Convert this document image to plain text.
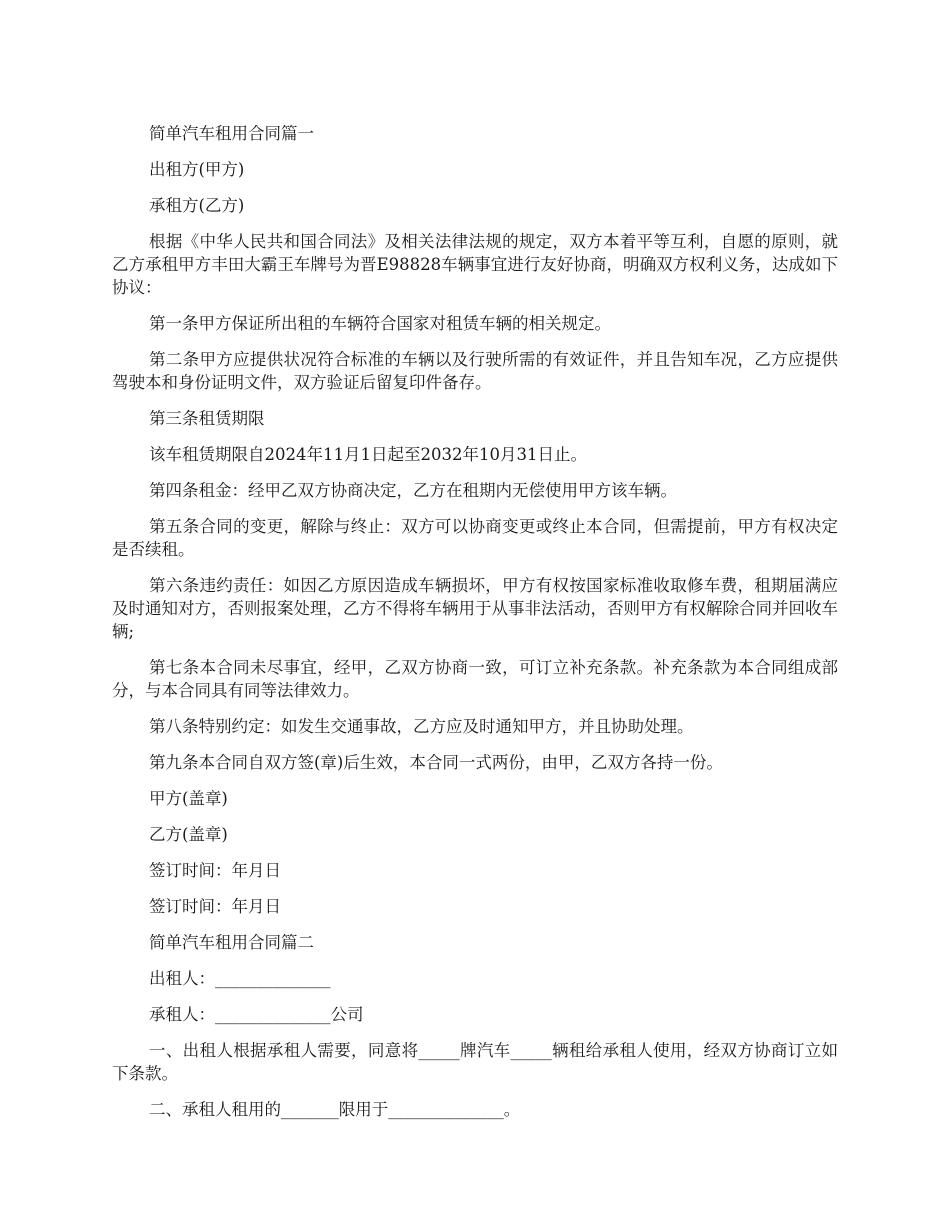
简单汽车租用合同篇一

出租方(甲方)

承租方(乙方)

根据《中华人民共和国合同法》及相关法律法规的规定，双方本着平等互利，自愿的原则，就乙方承租甲方丰田大霸王车牌号为晋E98828车辆事宜进行友好协商，明确双方权利义务，达成如下协议：

第一条甲方保证所出租的车辆符合国家对租赁车辆的相关规定。

第二条甲方应提供状况符合标准的车辆以及行驶所需的有效证件，并且告知车况，乙方应提供驾驶本和身份证明文件，双方验证后留复印件备存。

第三条租赁期限

该车租赁期限自2024年11月1日起至2032年10月31日止。

第四条租金：经甲乙双方协商决定，乙方在租期内无偿使用甲方该车辆。

第五条合同的变更，解除与终止：双方可以协商变更或终止本合同，但需提前，甲方有权决定是否续租。

第六条违约责任：如因乙方原因造成车辆损坏，甲方有权按国家标准收取修车费，租期届满应及时通知对方，否则报案处理，乙方不得将车辆用于从事非法活动，否则甲方有权解除合同并回收车辆;

第七条本合同未尽事宜，经甲，乙双方协商一致，可订立补充条款。补充条款为本合同组成部分，与本合同具有同等法律效力。

第八条特别约定：如发生交通事故，乙方应及时通知甲方，并且协助处理。

第九条本合同自双方签(章)后生效，本合同一式两份，由甲，乙双方各持一份。

甲方(盖章)

乙方(盖章)

签订时间：年月日

签订时间：年月日

简单汽车租用合同篇二

出租人：______________

承租人：______________公司

一、出租人根据承租人需要，同意将_____牌汽车_____辆租给承租人使用，经双方协商订立如下条款。

二、承租人租用的_______限用于______________。
